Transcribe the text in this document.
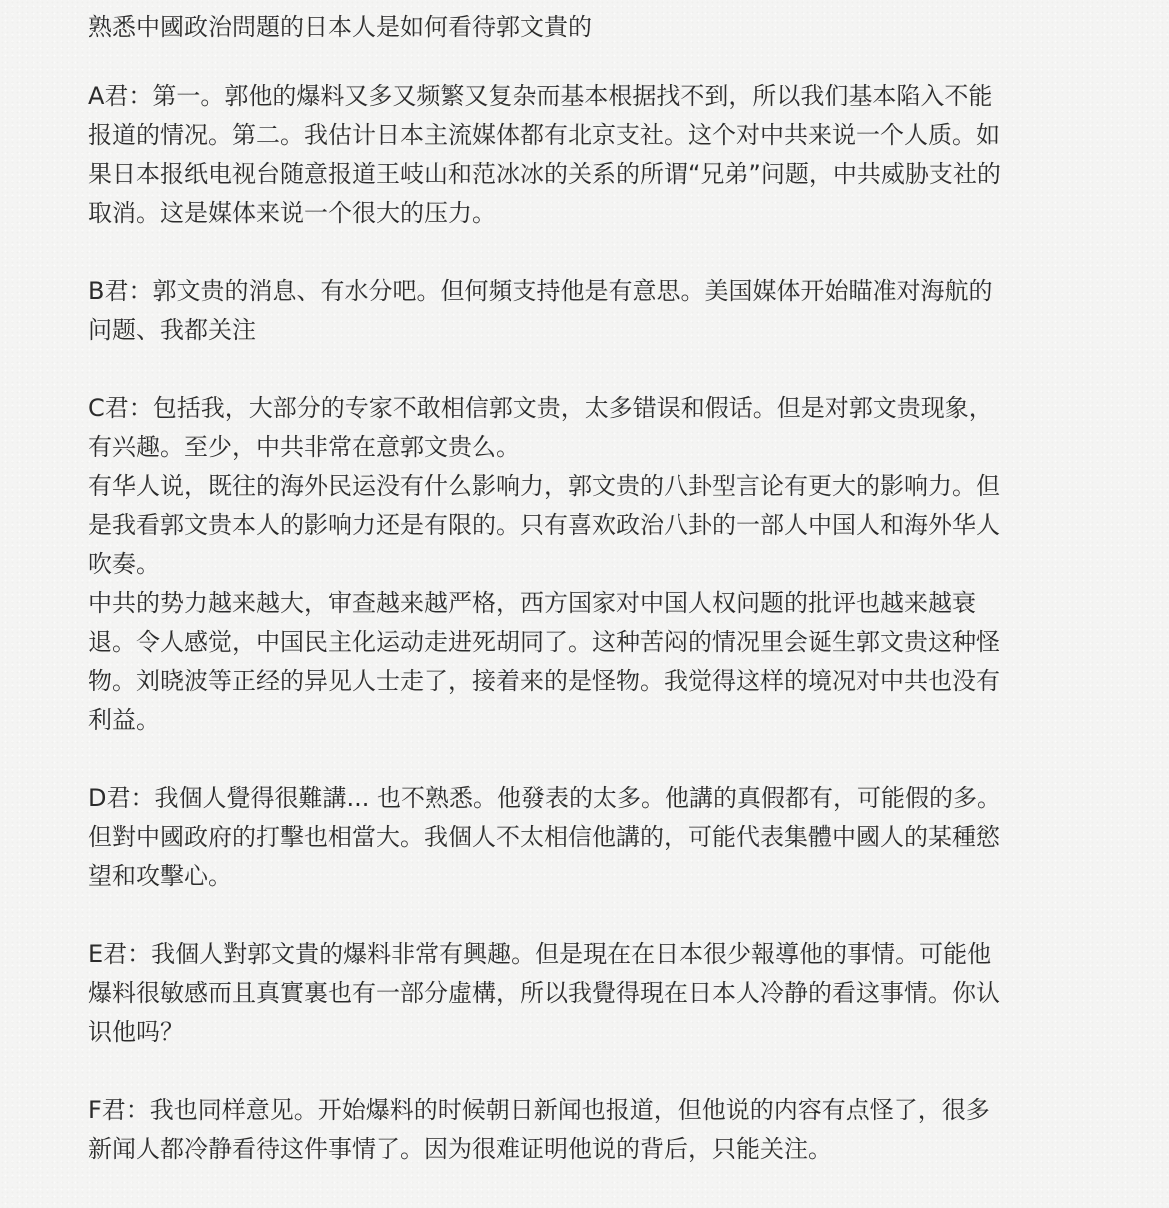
熟悉中國政治問題的日本人是如何看待郭文貴的
A君：第一。郭他的爆料又多又频繁又复杂而基本根据找不到，所以我们基本陷入不能
报道的情况。第二。我估计日本主流媒体都有北京支社。这个对中共来说一个人质。如
果日本报纸电视台随意报道王岐山和范冰冰的关系的所谓“兄弟”问题，中共威胁支社的
取消。这是媒体来说一个很大的压力。
B君：郭文贵的消息、有水分吧。但何頻支持他是有意思。美国媒体开始瞄准对海航的
问题、我都关注
C君：包括我，大部分的专家不敢相信郭文贵，太多错误和假话。但是对郭文贵现象，
有兴趣。至少，中共非常在意郭文贵么。
有华人说，既往的海外民运没有什么影响力，郭文贵的八卦型言论有更大的影响力。但
是我看郭文贵本人的影响力还是有限的。只有喜欢政治八卦的一部人中国人和海外华人
吹奏。
中共的势力越来越大，审查越来越严格，西方国家对中国人权问题的批评也越来越衰
退。令人感觉，中国民主化运动走进死胡同了。这种苦闷的情况里会诞生郭文贵这种怪
物。刘晓波等正经的异见人士走了，接着来的是怪物。我觉得这样的境况对中共也没有
利益。
D君：我個人覺得很難講... 也不熟悉。他發表的太多。他講的真假都有，可能假的多。
但對中國政府的打擊也相當大。我個人不太相信他講的，可能代表集體中國人的某種慾
望和攻擊心。
E君：我個人對郭文貴的爆料非常有興趣。但是現在在日本很少報導他的事情。可能他
爆料很敏感而且真實裏也有一部分虛構，所以我覺得現在日本人冷静的看这事情。你认
识他吗？
F君：我也同样意见。开始爆料的时候朝日新闻也报道，但他说的内容有点怪了，很多
新闻人都冷静看待这件事情了。因为很难证明他说的背后，只能关注。
